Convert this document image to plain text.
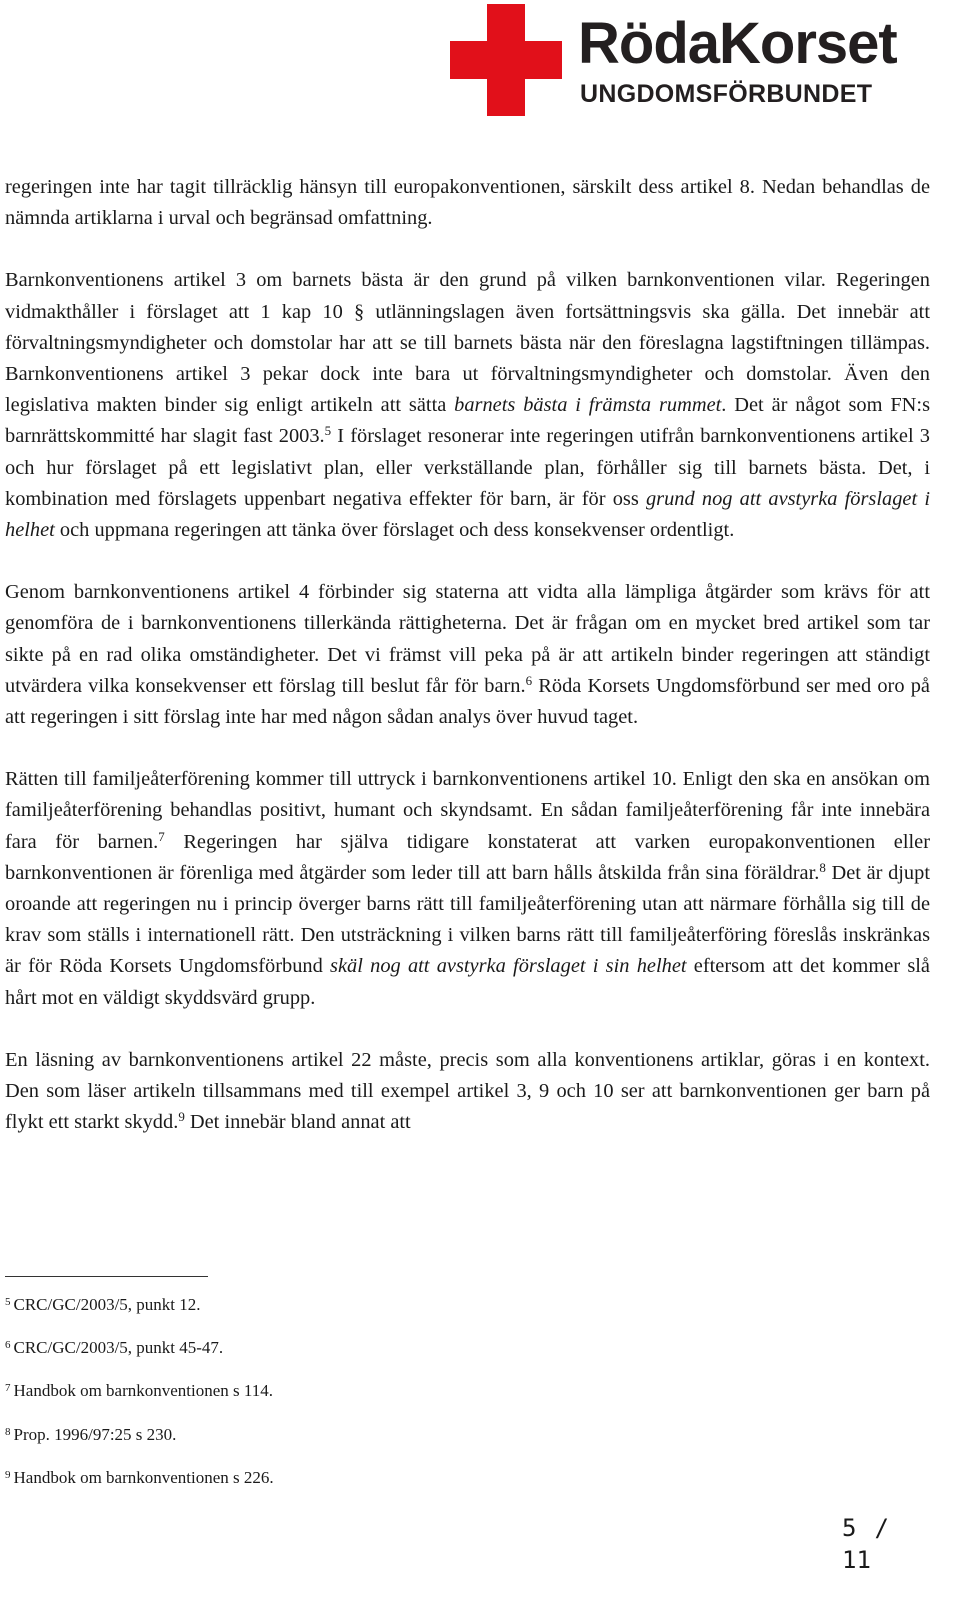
RödaKorset
UNGDOMSFÖRBUNDET

regeringen inte har tagit tillräcklig hänsyn till europakonventionen, särskilt dess artikel 8. Nedan behandlas de nämnda artiklarna i urval och begränsad omfattning.

Barnkonventionens artikel 3 om barnets bästa är den grund på vilken barnkonventionen vilar. Regeringen vidmakthåller i förslaget att 1 kap 10 § utlänningslagen även fortsättningsvis ska gälla. Det innebär att förvaltningsmyndigheter och domstolar har att se till barnets bästa när den föreslagna lagstiftningen tillämpas. Barnkonventionens artikel 3 pekar dock inte bara ut förvaltningsmyndigheter och domstolar. Även den legislativa makten binder sig enligt artikeln att sätta barnets bästa i främsta rummet. Det är något som FN:s barnrättskommitté har slagit fast 2003.$^5$ I förslaget resonerar inte regeringen utifrån barnkonventionens artikel 3 och hur förslaget på ett legislativt plan, eller verkställande plan, förhåller sig till barnets bästa. Det, i kombination med förslagets uppenbart negativa effekter för barn, är för oss grund nog att avstyrka förslaget i helhet och uppmana regeringen att tänka över förslaget och dess konsekvenser ordentligt.

Genom barnkonventionens artikel 4 förbinder sig staterna att vidta alla lämpliga åtgärder som krävs för att genomföra de i barnkonventionens tillerkända rättigheterna. Det är frågan om en mycket bred artikel som tar sikte på en rad olika omständigheter. Det vi främst vill peka på är att artikeln binder regeringen att ständigt utvärdera vilka konsekvenser ett förslag till beslut får för barn.$^6$ Röda Korsets Ungdomsförbund ser med oro på att regeringen i sitt förslag inte har med någon sådan analys över huvud taget.

Rätten till familjeåterförening kommer till uttryck i barnkonventionens artikel 10. Enligt den ska en ansökan om familjeåterförening behandlas positivt, humant och skyndsamt. En sådan familjeåterförening får inte innebära fara för barnen.$^7$ Regeringen har själva tidigare konstaterat att varken europakonventionen eller barnkonventionen är förenliga med åtgärder som leder till att barn hålls åtskilda från sina föräldrar.$^8$ Det är djupt oroande att regeringen nu i princip överger barns rätt till familjeåterförening utan att närmare förhålla sig till de krav som ställs i internationell rätt. Den utsträckning i vilken barns rätt till familjeåterföring föreslås inskränkas är för Röda Korsets Ungdomsförbund skäl nog att avstyrka förslaget i sin helhet eftersom att det kommer slå hårt mot en väldigt skyddsvärd grupp.

En läsning av barnkonventionens artikel 22 måste, precis som alla konventionens artiklar, göras i en kontext. Den som läser artikeln tillsammans med till exempel artikel 3, 9 och 10 ser att barnkonventionen ger barn på flykt ett starkt skydd.$^9$ Det innebär bland annat att

$^5$ CRC/GC/2003/5, punkt 12.
$^6$ CRC/GC/2003/5, punkt 45-47.
$^7$ Handbok om barnkonventionen s 114.
$^8$ Prop. 1996/97:25 s 230.
$^9$ Handbok om barnkonventionen s 226.
5 /
11
